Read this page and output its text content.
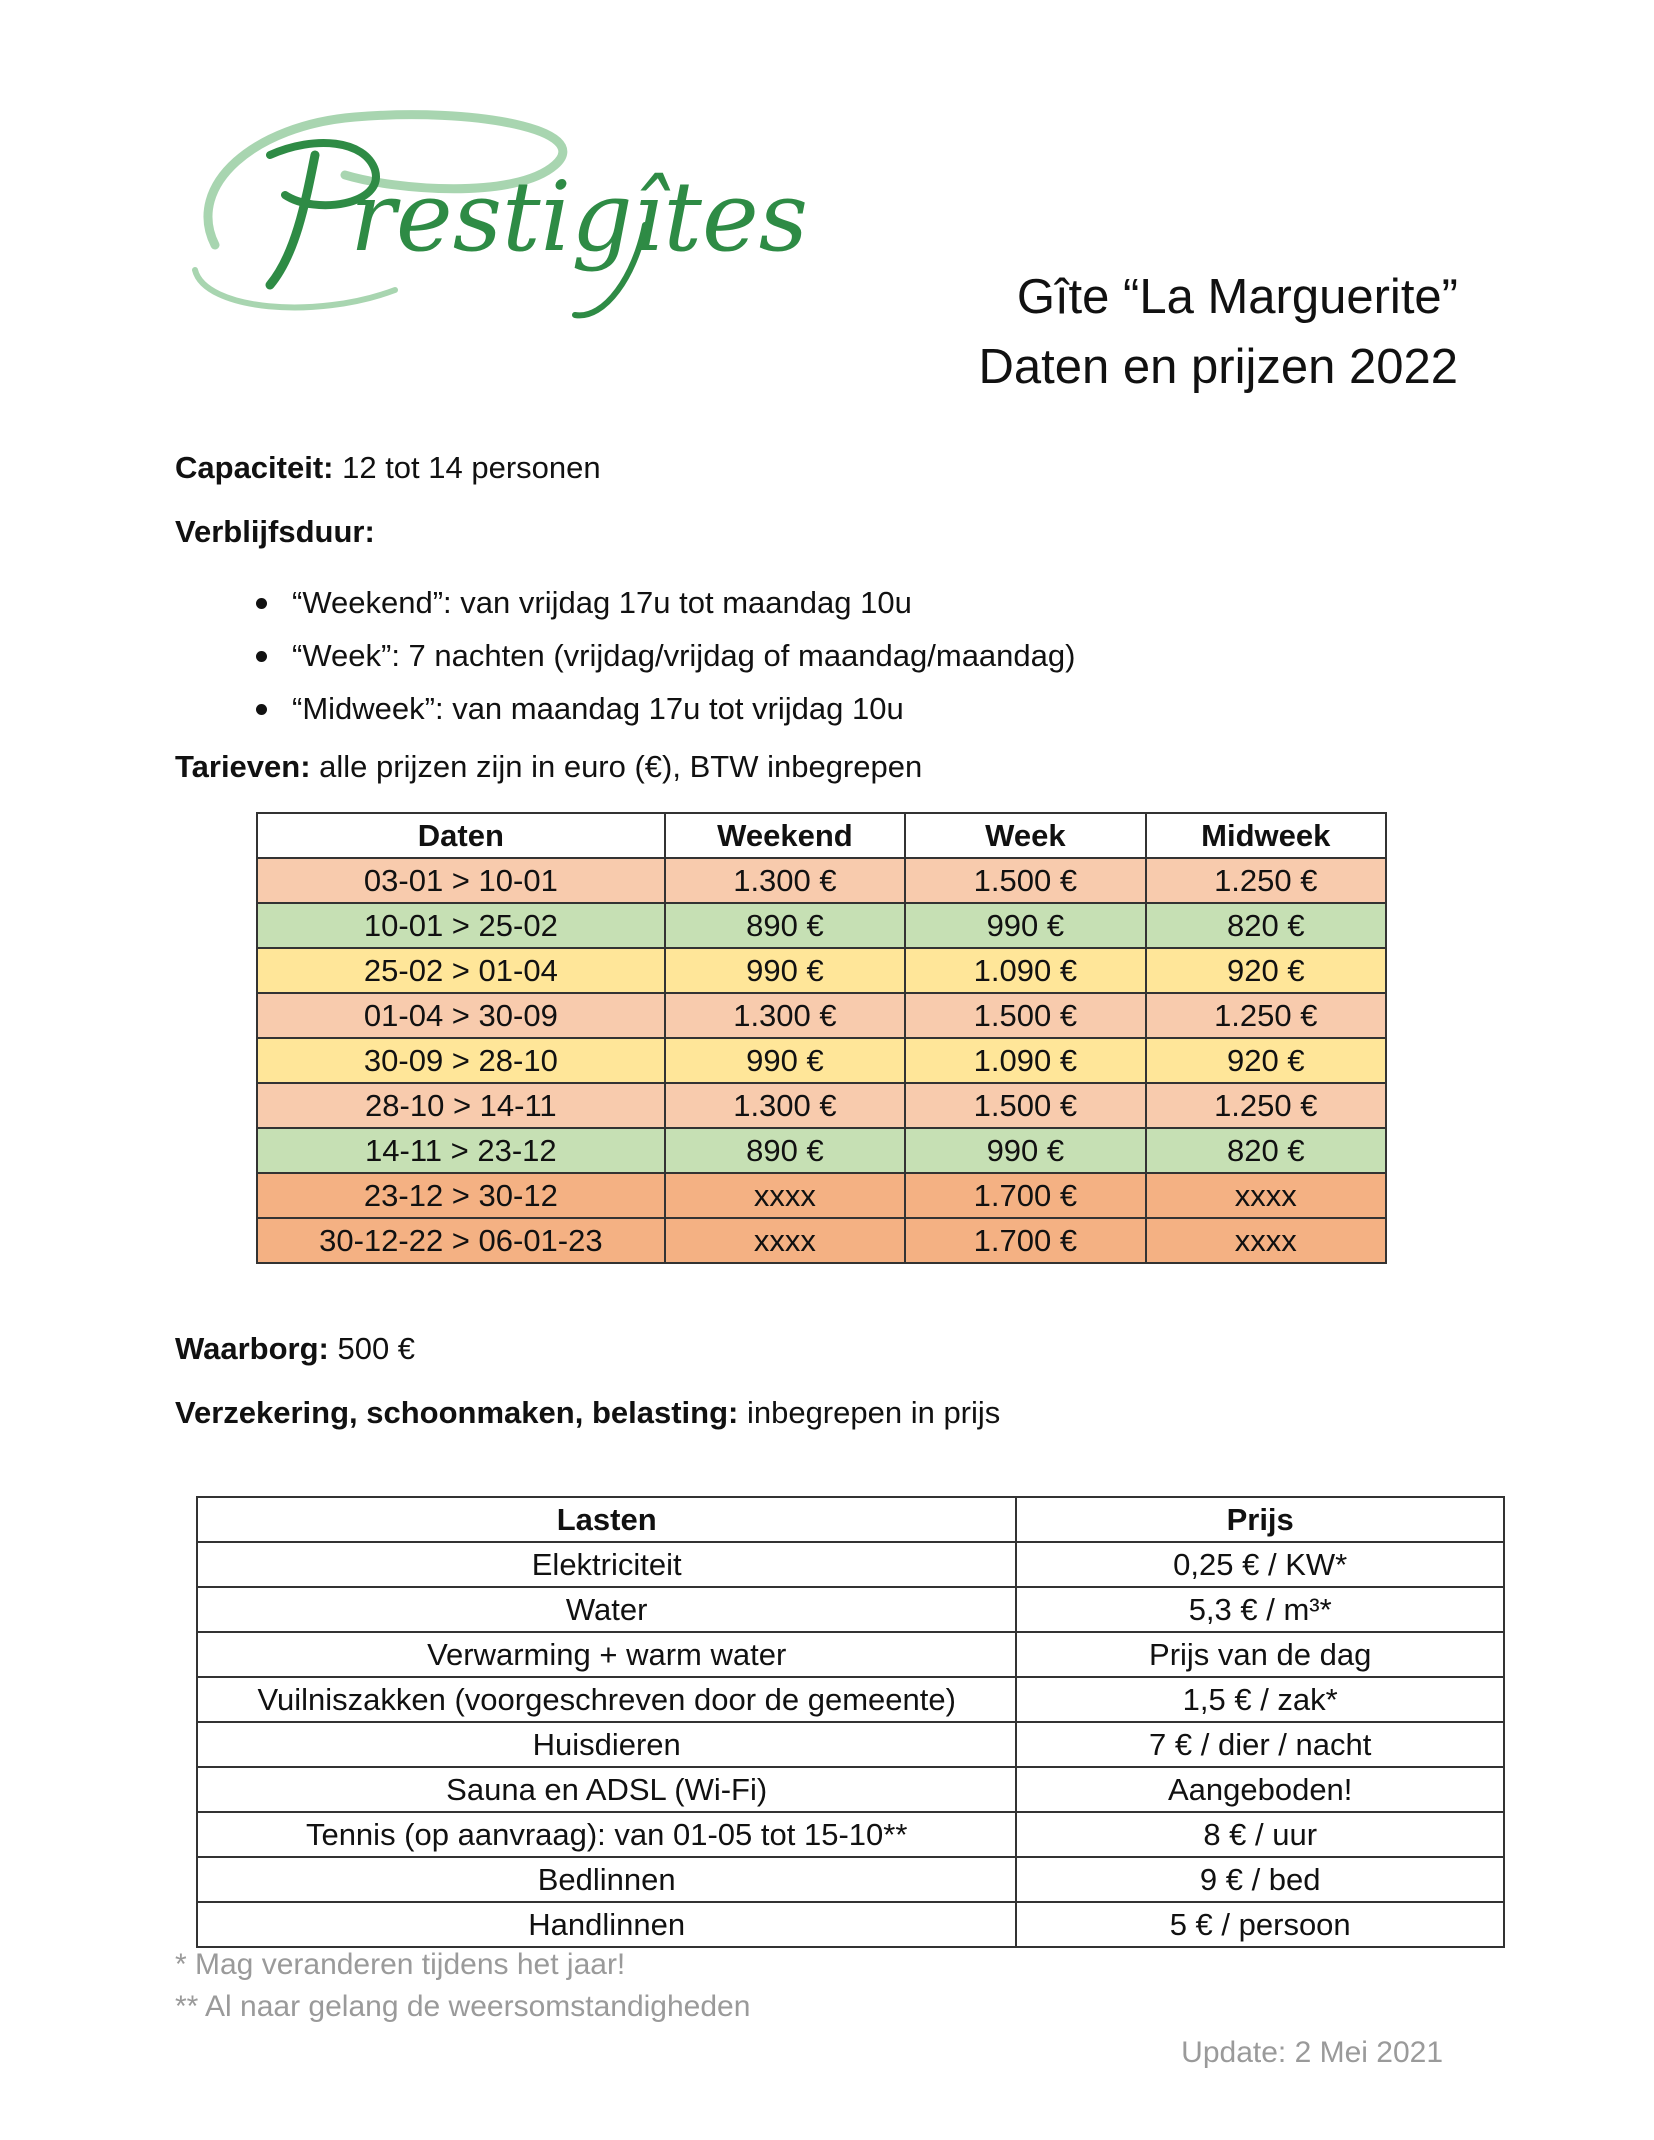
restigîtes
Gîte “La Marguerite”
Daten en prijzen 2022
Capaciteit: 12 tot 14 personen
Verblijfsduur:
“Weekend”: van vrijdag 17u tot maandag 10u
“Week”: 7 nachten (vrijdag/vrijdag of maandag/maandag)
“Midweek”: van maandag 17u tot vrijdag 10u
Tarieven: alle prijzen zijn in euro (€), BTW inbegrepen
Daten	Weekend	Week	Midweek
03-01 > 10-01	1.300 €	1.500 €	1.250 €
10-01 > 25-02	890 €	990 €	820 €
25-02 > 01-04	990 €	1.090 €	920 €
01-04 > 30-09	1.300 €	1.500 €	1.250 €
30-09 > 28-10	990 €	1.090 €	920 €
28-10 > 14-11	1.300 €	1.500 €	1.250 €
14-11 > 23-12	890 €	990 €	820 €
23-12 > 30-12	xxxx	1.700 €	xxxx
30-12-22 > 06-01-23	xxxx	1.700 €	xxxx
Waarborg: 500 €
Verzekering, schoonmaken, belasting: inbegrepen in prijs
Lasten	Prijs
Elektriciteit	0,25 € / KW*
Water	5,3 € / m³*
Verwarming + warm water	Prijs van de dag
Vuilniszakken (voorgeschreven door de gemeente)	1,5 € / zak*
Huisdieren	7 € / dier / nacht
Sauna en ADSL (Wi-Fi)	Aangeboden!
Tennis (op aanvraag): van 01-05 tot 15-10**	8 € / uur
Bedlinnen	9 € / bed
Handlinnen	5 € / persoon
* Mag veranderen tijdens het jaar!
** Al naar gelang de weersomstandigheden
Update: 2 Mei 2021
